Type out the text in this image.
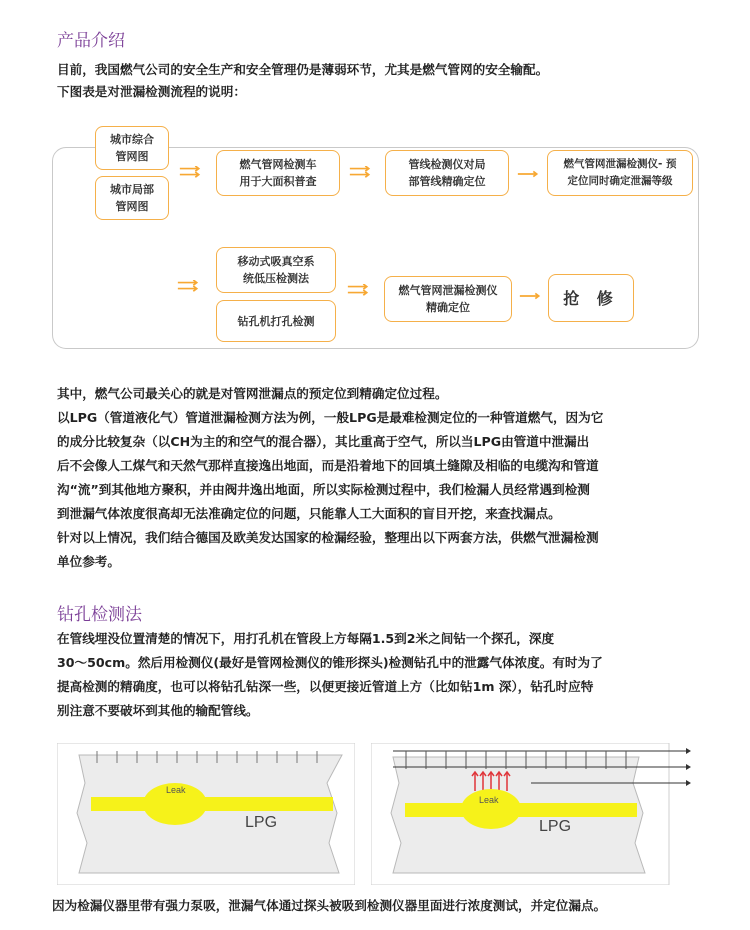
产品介绍
目前，我国燃气公司的安全生产和安全管理仍是薄弱环节，尤其是燃气管网的安全输配。
下图表是对泄漏检测流程的说明：
城市综合
管网图
城市局部
管网图
燃气管网检测车
用于大面积普查
管线检测仪对局
部管线精确定位
燃气管网泄漏检测仪- 预
定位同时确定泄漏等级
移动式吸真空系
统低压检测法
钻孔机打孔检测
燃气管网泄漏检测仪
精确定位	抢 修
其中，燃气公司最关心的就是对管网泄漏点的预定位到精确定位过程。
以LPG（管道液化气）管道泄漏检测方法为例，一般LPG是最难检测定位的一种管道燃气，因为它
的成分比较复杂（以CH为主的和空气的混合器），其比重高于空气，所以当LPG由管道中泄漏出
后不会像人工煤气和天然气那样直接逸出地面，而是沿着地下的回填土缝隙及相临的电缆沟和管道
沟“流”到其他地方聚积，并由阀井逸出地面，所以实际检测过程中，我们检漏人员经常遇到检测
到泄漏气体浓度很高却无法准确定位的问题，只能靠人工大面积的盲目开挖，来查找漏点。
针对以上情况，我们结合德国及欧美发达国家的检漏经验，整理出以下两套方法，供燃气泄漏检测
单位参考。
钻孔检测法
在管线埋没位置清楚的情况下，用打孔机在管段上方每隔1.5到2米之间钻一个探孔，深度
30～50cm。然后用检测仪(最好是管网检测仪的锥形探头)检测钻孔中的泄露气体浓度。有时为了
提高检测的精确度，也可以将钻孔钻深一些，以便更接近管道上方（比如钻1m 深），钻孔时应特
别注意不要破坏到其他的输配管线。
Leak
LPG
Leak
LPG
因为检漏仪器里带有强力泵吸，泄漏气体通过探头被吸到检测仪器里面进行浓度测试，并定位漏点。
